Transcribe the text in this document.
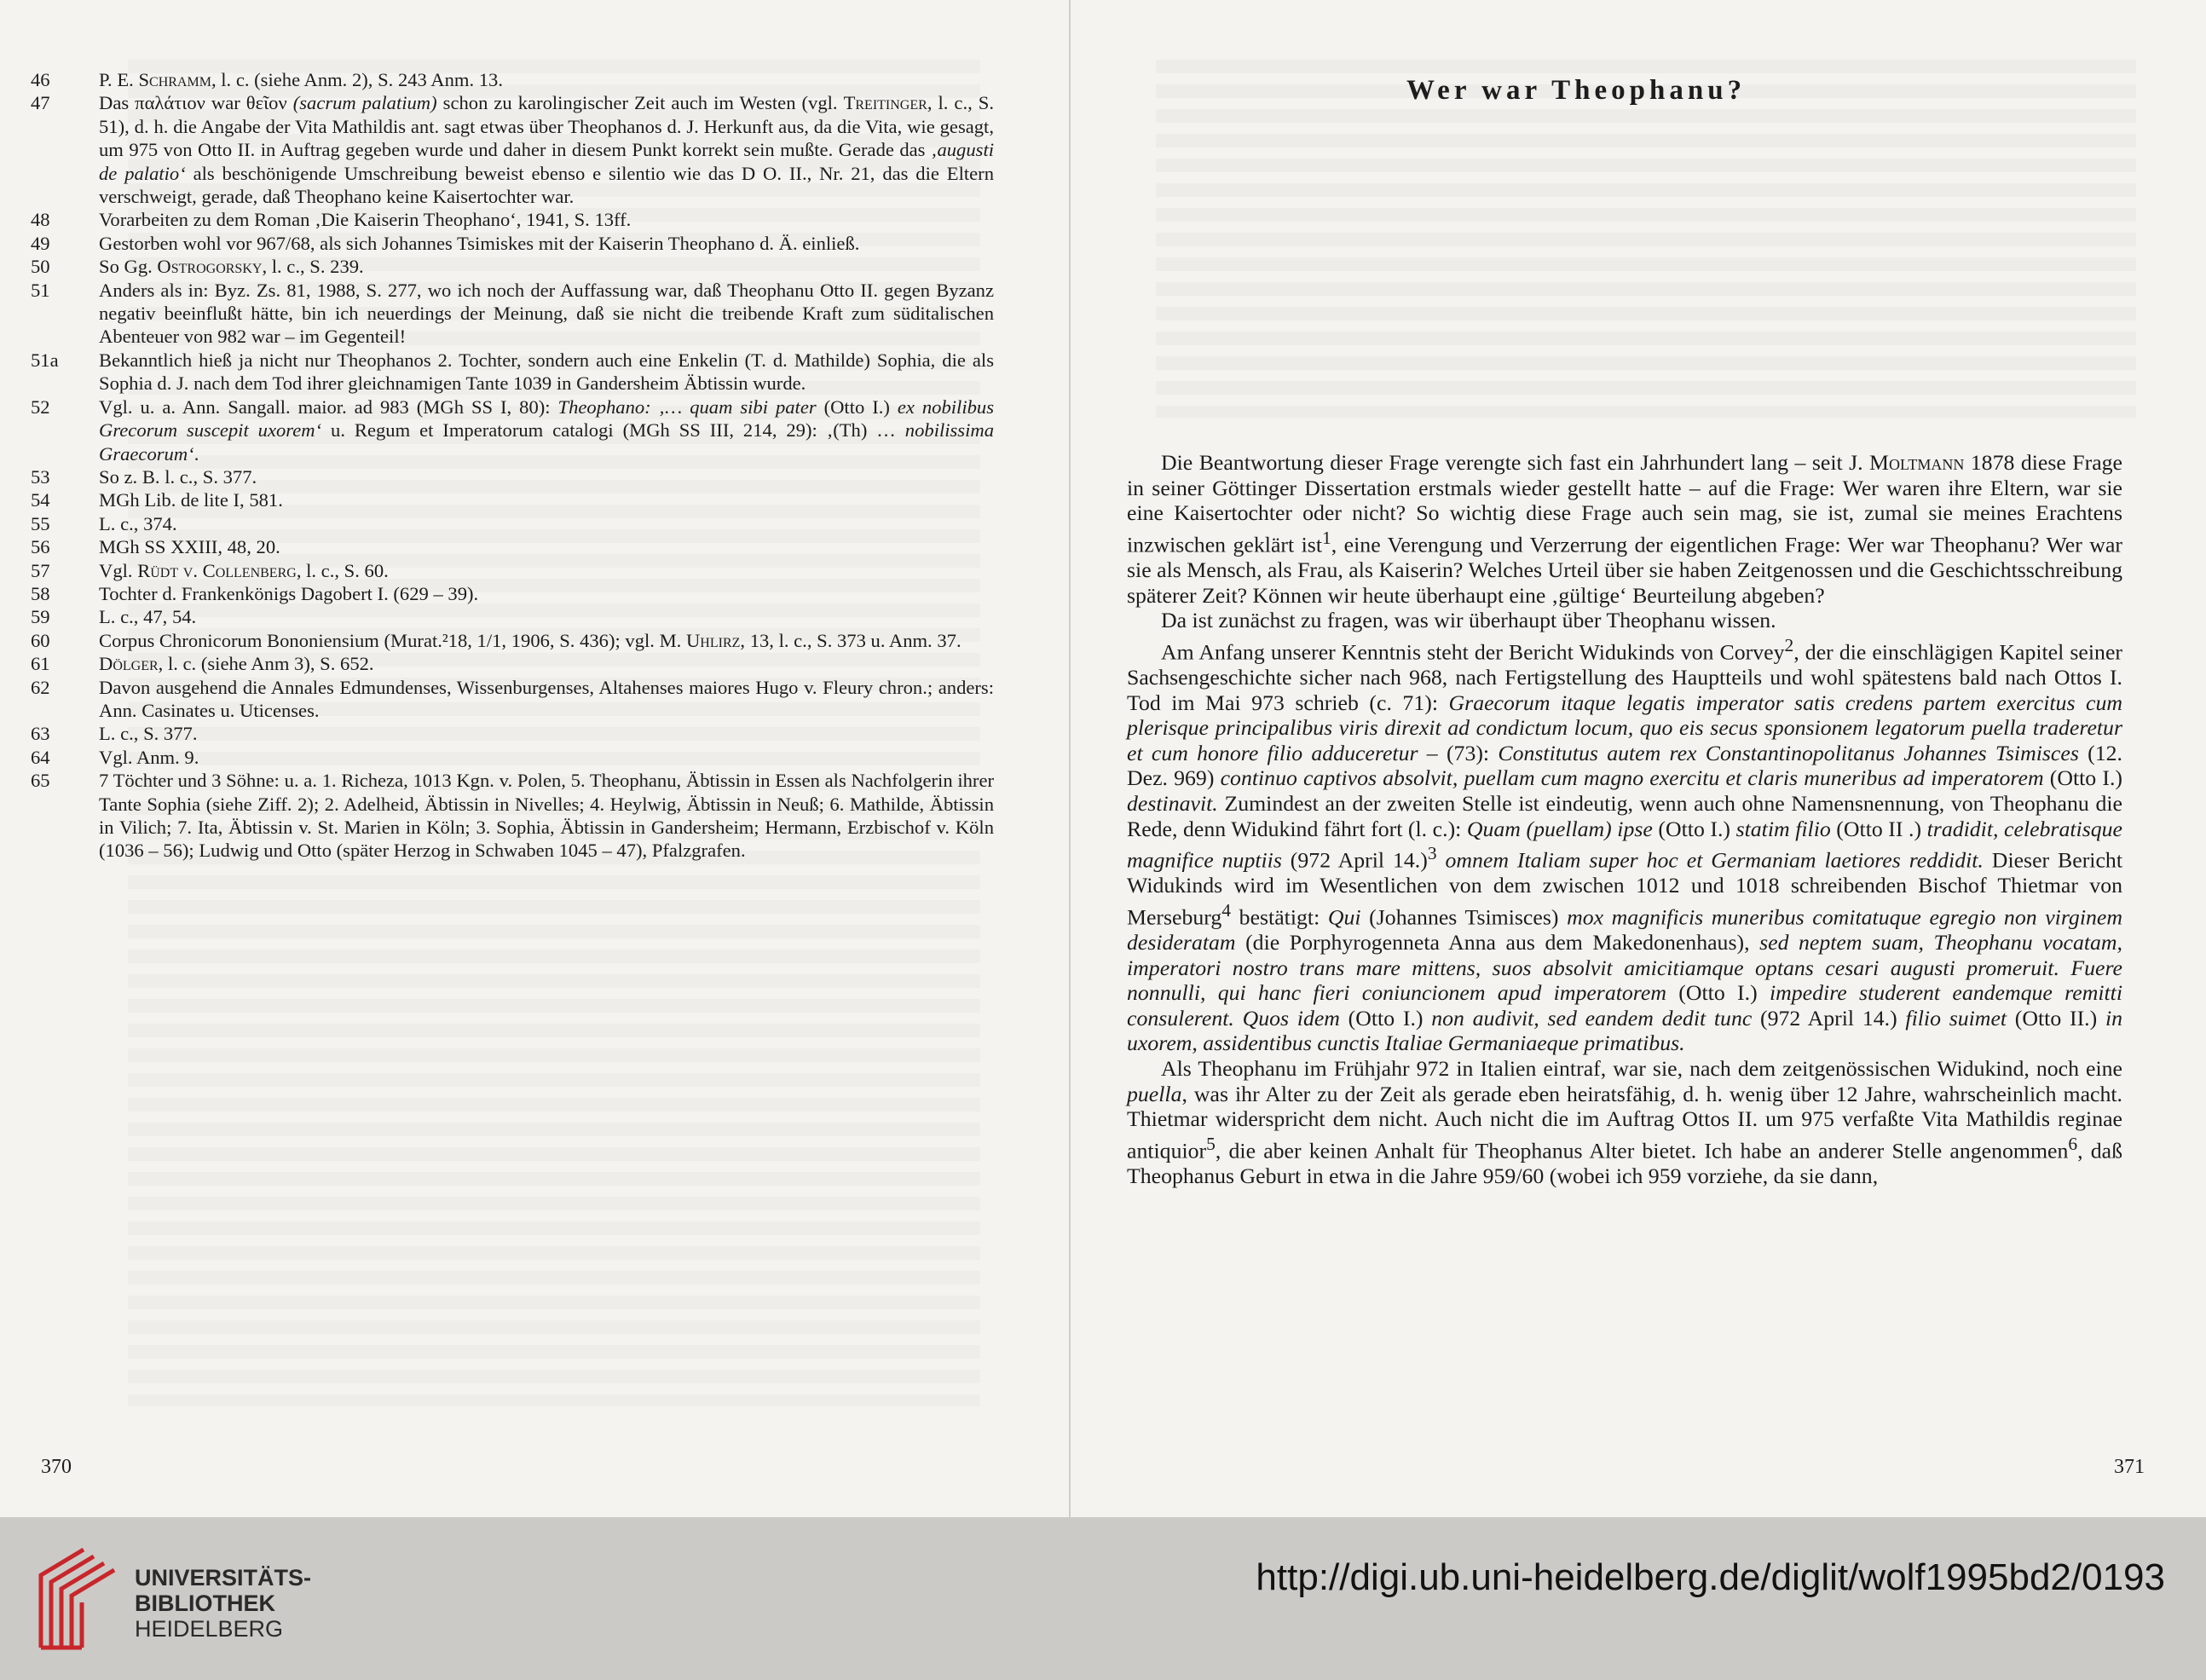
46	P. E. Schramm, l. c. (siehe Anm. 2), S. 243 Anm. 13.
47	Das παλάτιον war θεῖον (sacrum palatium) schon zu karolingischer Zeit auch im Westen (vgl. Treitinger, l. c., S. 51), d. h. die Angabe der Vita Mathildis ant. sagt etwas über Theophanos d. J. Herkunft aus, da die Vita, wie gesagt, um 975 von Otto II. in Auftrag gegeben wurde und daher in diesem Punkt korrekt sein mußte. Gerade das ‚augusti de palatio‘ als beschönigende Umschreibung beweist ebenso e silentio wie das D O. II., Nr. 21, das die Eltern verschweigt, gerade, daß Theophano keine Kaisertochter war.
48	Vorarbeiten zu dem Roman ‚Die Kaiserin Theophano‘, 1941, S. 13ff.
49	Gestorben wohl vor 967/68, als sich Johannes Tsimiskes mit der Kaiserin Theophano d. Ä. einließ.
50	So Gg. Ostrogorsky, l. c., S. 239.
51	Anders als in: Byz. Zs. 81, 1988, S. 277, wo ich noch der Auffassung war, daß Theophanu Otto II. gegen Byzanz negativ beeinflußt hätte, bin ich neuerdings der Meinung, daß sie nicht die treibende Kraft zum süditalischen Abenteuer von 982 war – im Gegenteil!
51a	Bekanntlich hieß ja nicht nur Theophanos 2. Tochter, sondern auch eine Enkelin (T. d. Mathilde) Sophia, die als Sophia d. J. nach dem Tod ihrer gleichnamigen Tante 1039 in Gandersheim Äbtissin wurde.
52	Vgl. u. a. Ann. Sangall. maior. ad 983 (MGh SS I, 80): Theophano: ‚… quam sibi pater (Otto I.) ex nobilibus Grecorum suscepit uxorem‘ u. Regum et Imperatorum catalogi (MGh SS III, 214, 29): ‚(Th) … nobilissima Graecorum‘.
53	So z. B. l. c., S. 377.
54	MGh Lib. de lite I, 581.
55	L. c., 374.
56	MGh SS XXIII, 48, 20.
57	Vgl. Rüdt v. Collenberg, l. c., S. 60.
58	Tochter d. Frankenkönigs Dagobert I. (629 – 39).
59	L. c., 47, 54.
60	Corpus Chronicorum Bononiensium (Murat.²18, 1/1, 1906, S. 436); vgl. M. Uhlirz, 13, l. c., S. 373 u. Anm. 37.
61	Dölger, l. c. (siehe Anm 3), S. 652.
62	Davon ausgehend die Annales Edmundenses, Wissenburgenses, Altahenses maiores Hugo v. Fleury chron.; anders: Ann. Casinates u. Uticenses.
63	L. c., S. 377.
64	Vgl. Anm. 9.
65	7 Töchter und 3 Söhne: u. a. 1. Richeza, 1013 Kgn. v. Polen, 5. Theophanu, Äbtissin in Essen als Nachfolgerin ihrer Tante Sophia (siehe Ziff. 2); 2. Adelheid, Äbtissin in Nivelles; 4. Heylwig, Äbtissin in Neuß; 6. Mathilde, Äbtissin in Vilich; 7. Ita, Äbtissin v. St. Marien in Köln; 3. Sophia, Äbtissin in Gandersheim; Hermann, Erzbischof v. Köln (1036 – 56); Ludwig und Otto (später Herzog in Schwaben 1045 – 47), Pfalzgrafen.
370
Wer war Theophanu?

Die Beantwortung dieser Frage verengte sich fast ein Jahrhundert lang – seit J. Moltmann 1878 diese Frage in seiner Göttinger Dissertation erstmals wieder gestellt hatte – auf die Frage: Wer waren ihre Eltern, war sie eine Kaisertochter oder nicht? So wichtig diese Frage auch sein mag, sie ist, zumal sie meines Erachtens inzwischen geklärt ist$^1$, eine Verengung und Verzerrung der eigentlichen Frage: Wer war Theophanu? Wer war sie als Mensch, als Frau, als Kaiserin? Welches Urteil über sie haben Zeitgenossen und die Geschichtsschreibung späterer Zeit? Können wir heute überhaupt eine ‚gültige‘ Beurteilung abgeben?

Da ist zunächst zu fragen, was wir überhaupt über Theophanu wissen.

Am Anfang unserer Kenntnis steht der Bericht Widukinds von Corvey$^2$, der die einschlägigen Kapitel seiner Sachsengeschichte sicher nach 968, nach Fertigstellung des Hauptteils und wohl spätestens bald nach Ottos I. Tod im Mai 973 schrieb (c. 71): Graecorum itaque legatis imperator satis credens partem exercitus cum plerisque principalibus viris direxit ad condictum locum, quo eis secus sponsionem legatorum puella traderetur et cum honore filio adduceretur – (73): Constitutus autem rex Constantinopolitanus Johannes Tsimisces (12. Dez. 969) continuo captivos absolvit, puellam cum magno exercitu et claris muneribus ad imperatorem (Otto I.) destinavit. Zumindest an der zweiten Stelle ist eindeutig, wenn auch ohne Namensnennung, von Theophanu die Rede, denn Widukind fährt fort (l. c.): Quam (puellam) ipse (Otto I.) statim filio (Otto II .) tradidit, celebratisque magnifice nuptiis (972 April 14.)$^3$ omnem Italiam super hoc et Germaniam laetiores reddidit. Dieser Bericht Widukinds wird im Wesentlichen von dem zwischen 1012 und 1018 schreibenden Bischof Thietmar von Merseburg$^4$ bestätigt: Qui (Johannes Tsimisces) mox magnificis muneribus comitatuque egregio non virginem desideratam (die Porphyrogenneta Anna aus dem Makedonenhaus), sed neptem suam, Theophanu vocatam, imperatori nostro trans mare mittens, suos absolvit amicitiamque optans cesari augusti promeruit. Fuere nonnulli, qui hanc fieri coniuncionem apud imperatorem (Otto I.) impedire studerent eandemque remitti consulerent. Quos idem (Otto I.) non audivit, sed eandem dedit tunc (972 April 14.) filio suimet (Otto II.) in uxorem, assidentibus cunctis Italiae Germaniaeque primatibus.

Als Theophanu im Frühjahr 972 in Italien eintraf, war sie, nach dem zeitgenössischen Widukind, noch eine puella, was ihr Alter zu der Zeit als gerade eben heiratsfähig, d. h. wenig über 12 Jahre, wahrscheinlich macht. Thietmar widerspricht dem nicht. Auch nicht die im Auftrag Ottos II. um 975 verfaßte Vita Mathildis reginae antiquior$^5$, die aber keinen Anhalt für Theophanus Alter bietet. Ich habe an anderer Stelle angenommen$^6$, daß Theophanus Geburt in etwa in die Jahre 959/60 (wobei ich 959 vorziehe, da sie dann,

371
UNIVERSITÄTS-
BIBLIOTHEK
HEIDELBERG
http://digi.ub.uni-heidelberg.de/diglit/wolf1995bd2/0193
